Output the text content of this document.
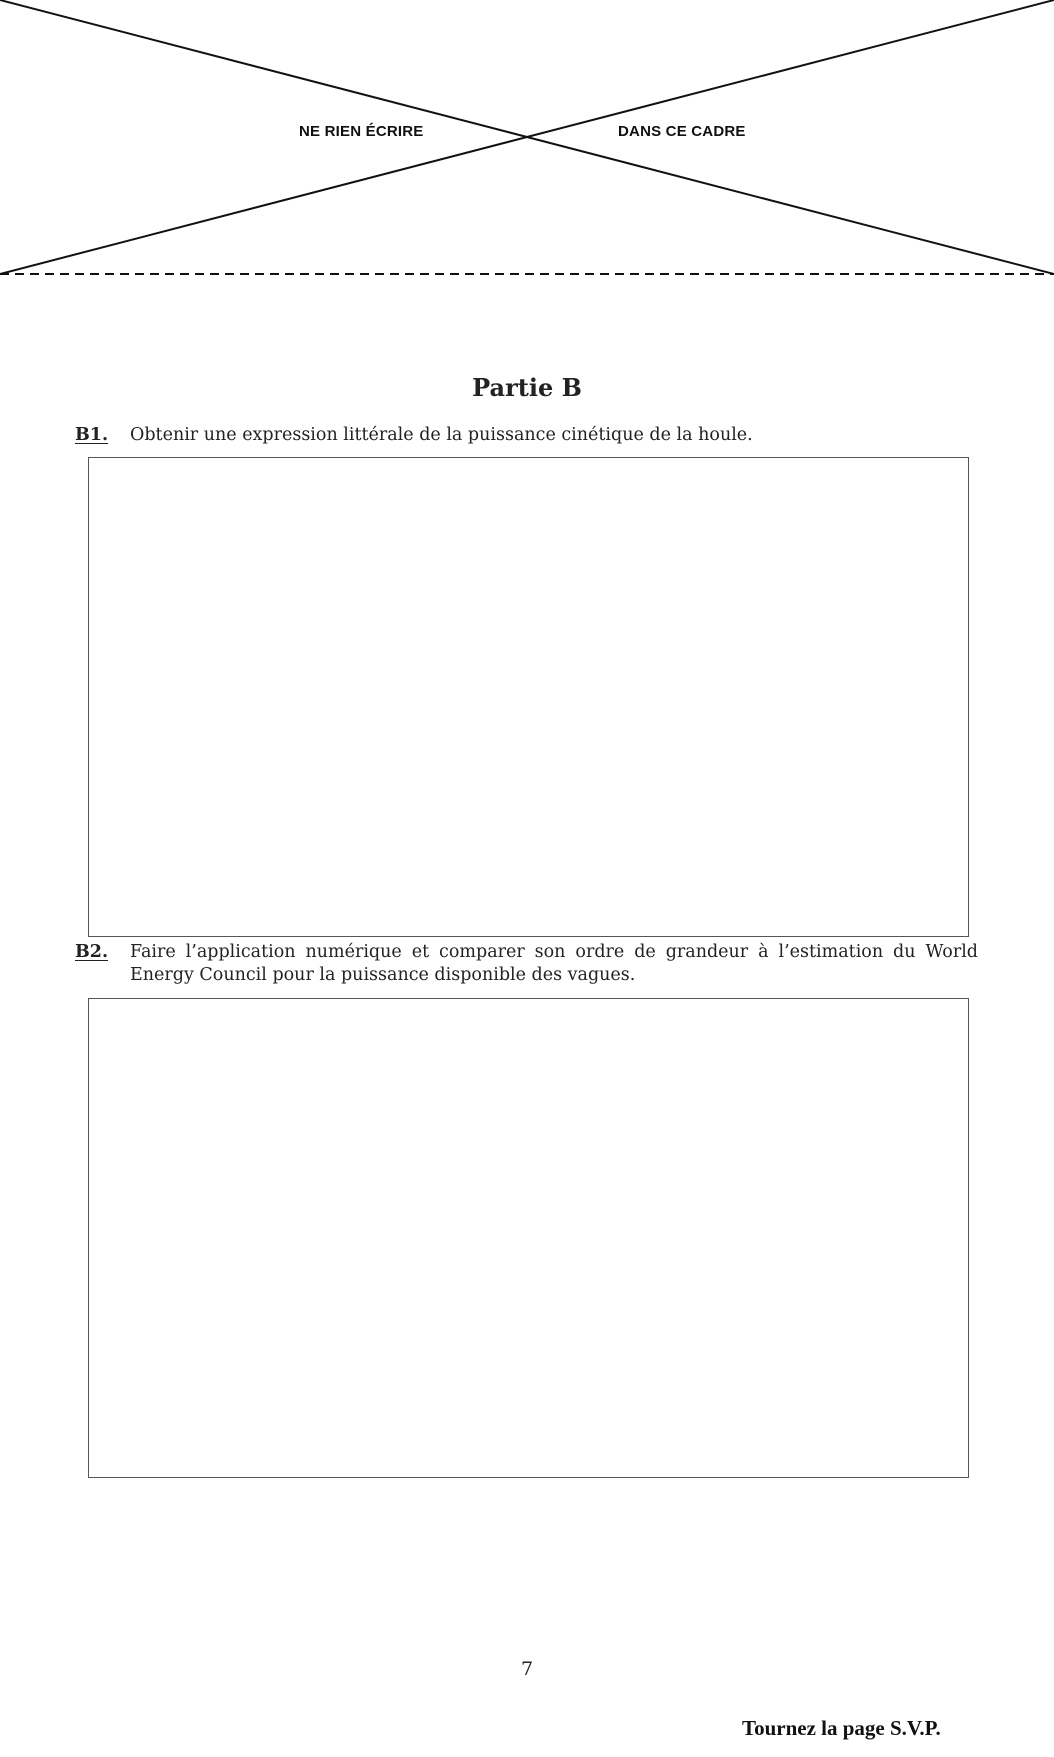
NE RIEN ÉCRIRE	DANS CE CADRE
Partie B
B1.	Obtenir une expression littérale de la puissance cinétique de la houle.
B2.	Faire l’application numérique et comparer son ordre de grandeur à l’estimation du World Energy Council pour la puissance disponible des vagues.
7
Tournez la page S.V.P.
